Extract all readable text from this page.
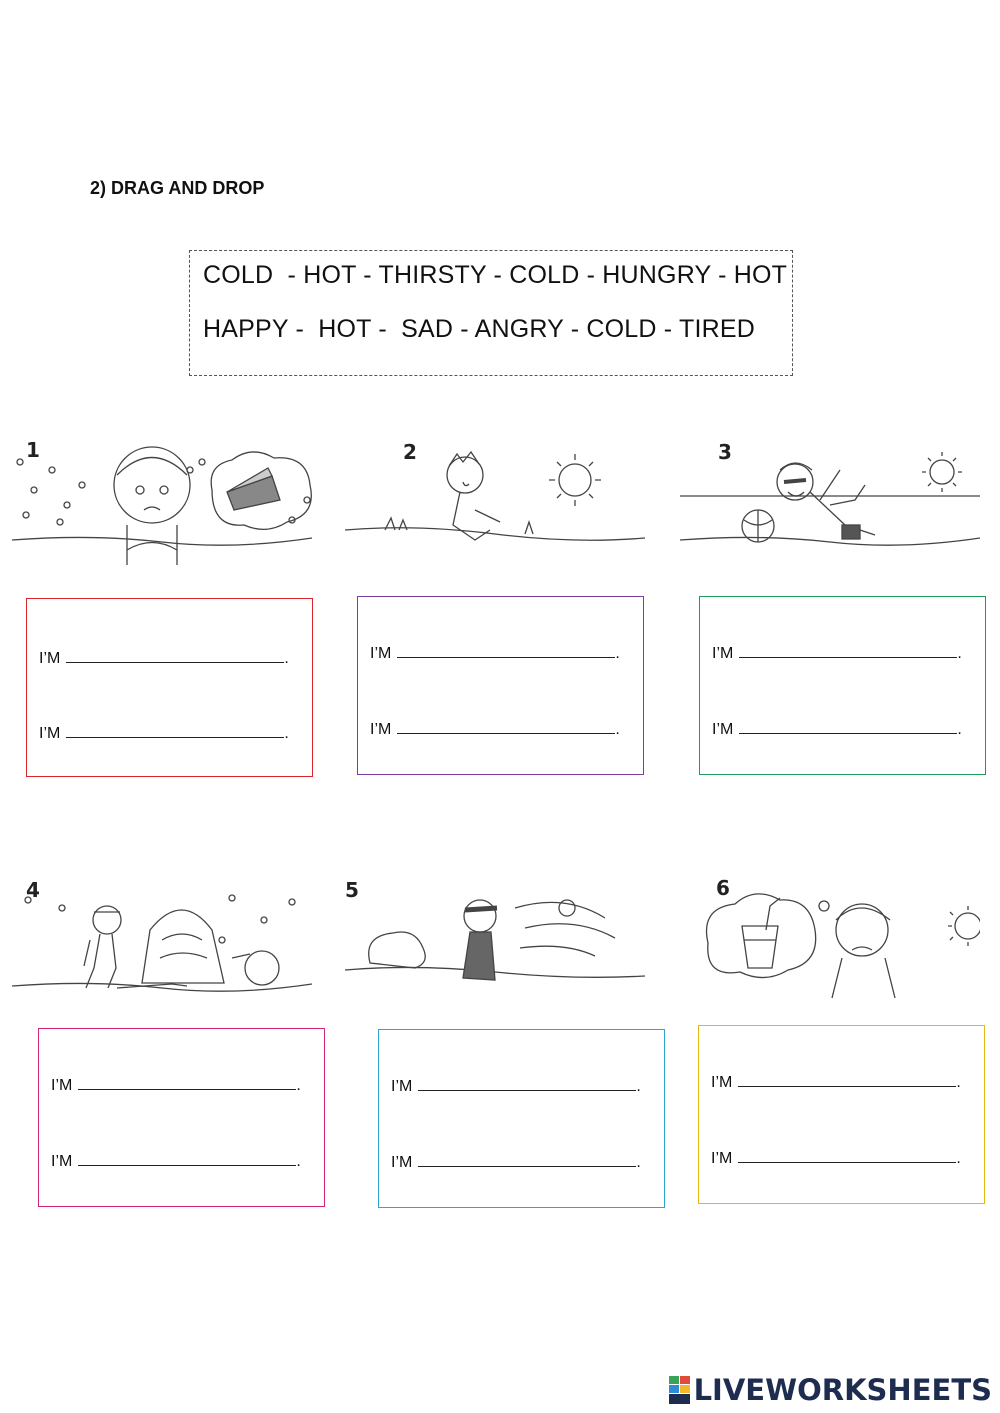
2) DRAG AND DROP
COLD  - HOT - THIRSTY - COLD - HUNGRY - HOT
HAPPY -  HOT -  SAD - ANGRY - COLD - TIRED
1	2	3
4	5	6
I’M	.
I’M	.
I’M	.
I’M	.
I’M	.
I’M	.
I’M	.
I’M	.
I’M	.
I’M	.
I’M	.
I’M	.
LIVEWORKSHEETS
